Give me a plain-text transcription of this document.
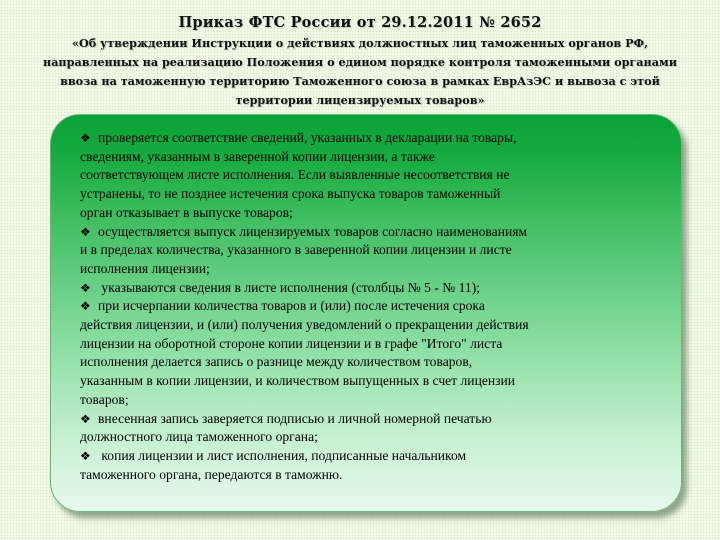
Приказ ФТС России от 29.12.2011 № 2652
«Об утверждении Инструкции о действиях должностных лиц таможенных органов РФ,
направленных на реализацию Положения о едином порядке контроля таможенными органами
ввоза на таможенную территорию Таможенного союза в рамках ЕврАзЭС и вывоза с этой
территории лицензируемых товаров»
❖ проверяется соответствие сведений, указанных в декларации на товары,
сведениям, указанным в заверенной копии лицензии, а также
соответствующем листе исполнения. Если выявленные несоответствия не
устранены, то не позднее истечения срока выпуска товаров таможенный
орган отказывает в выпуске товаров;
❖ осуществляется выпуск лицензируемых товаров согласно наименованиям
и в пределах количества, указанного в заверенной копии лицензии и листе
исполнения лицензии;
❖ указываются сведения в листе исполнения (столбцы № 5 - № 11);
❖ при исчерпании количества товаров и (или) после истечения срока
действия лицензии, и (или) получения уведомлений о прекращении действия
лицензии на оборотной стороне копии лицензии и в графе "Итого" листа
исполнения делается запись о разнице между количеством товаров,
указанным в копии лицензии, и количеством выпущенных в счет лицензии
товаров;
❖ внесенная запись заверяется подписью и личной номерной печатью
должностного лица таможенного органа;
❖ копия лицензии и лист исполнения, подписанные начальником
таможенного органа, передаются в таможню.
